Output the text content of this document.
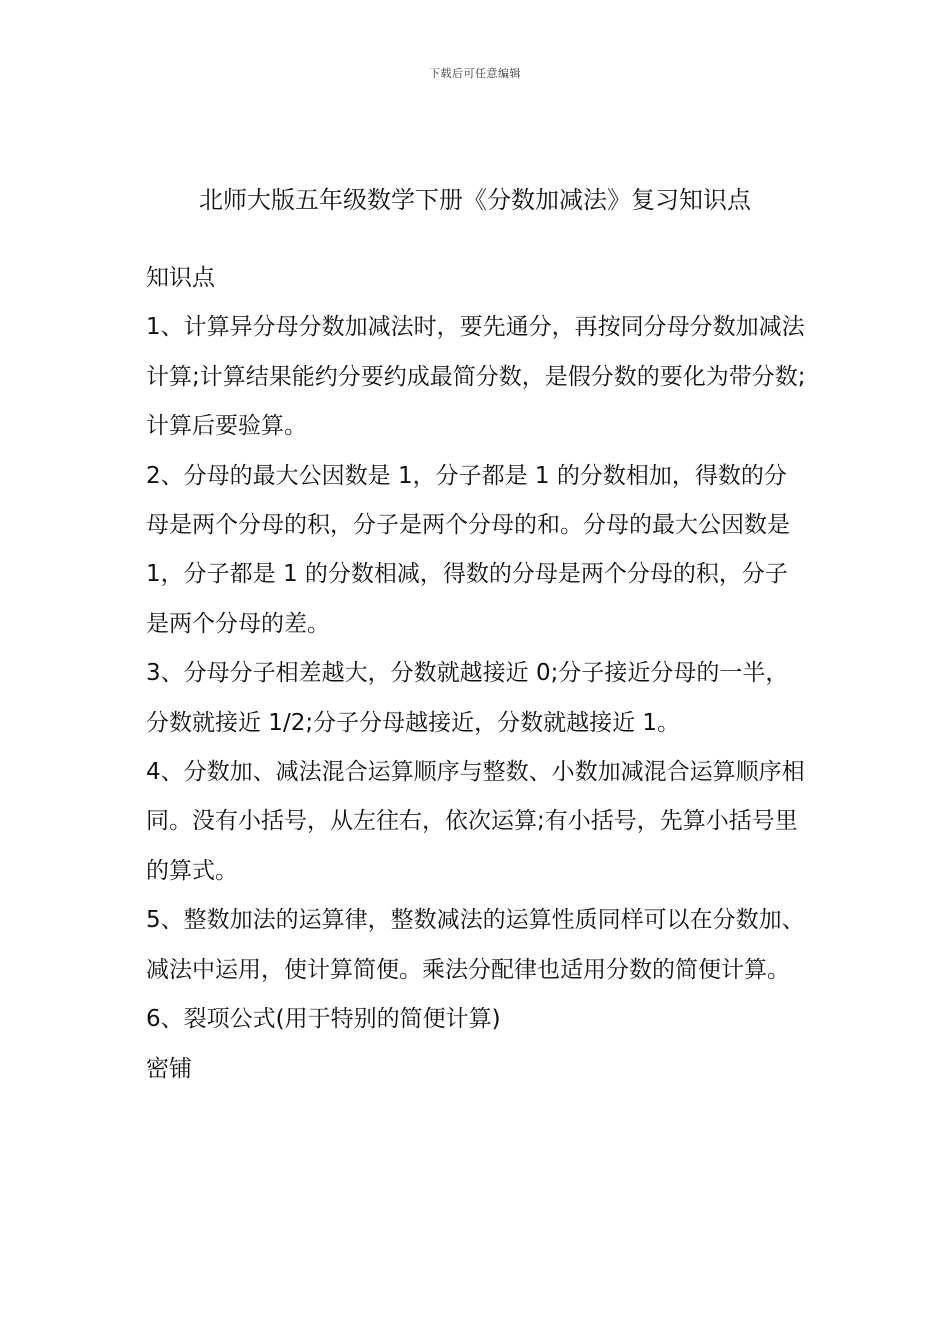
下载后可任意编辑
北师大版五年级数学下册《分数加减法》复习知识点
知识点

1、计算异分母分数加减法时，要先通分，再按同分母分数加减法计算;计算结果能约分要约成最简分数，是假分数的要化为带分数;计算后要验算。

2、分母的最大公因数是 1，分子都是 1 的分数相加，得数的分母是两个分母的积，分子是两个分母的和。分母的最大公因数是 1，分子都是 1 的分数相减，得数的分母是两个分母的积，分子是两个分母的差。

3、分母分子相差越大，分数就越接近 0;分子接近分母的一半，分数就接近 1/2;分子分母越接近，分数就越接近 1。

4、分数加、减法混合运算顺序与整数、小数加减混合运算顺序相同。没有小括号，从左往右，依次运算;有小括号，先算小括号里的算式。

5、整数加法的运算律，整数减法的运算性质同样可以在分数加、减法中运用，使计算简便。乘法分配律也适用分数的简便计算。

6、裂项公式(用于特别的简便计算)

密铺
